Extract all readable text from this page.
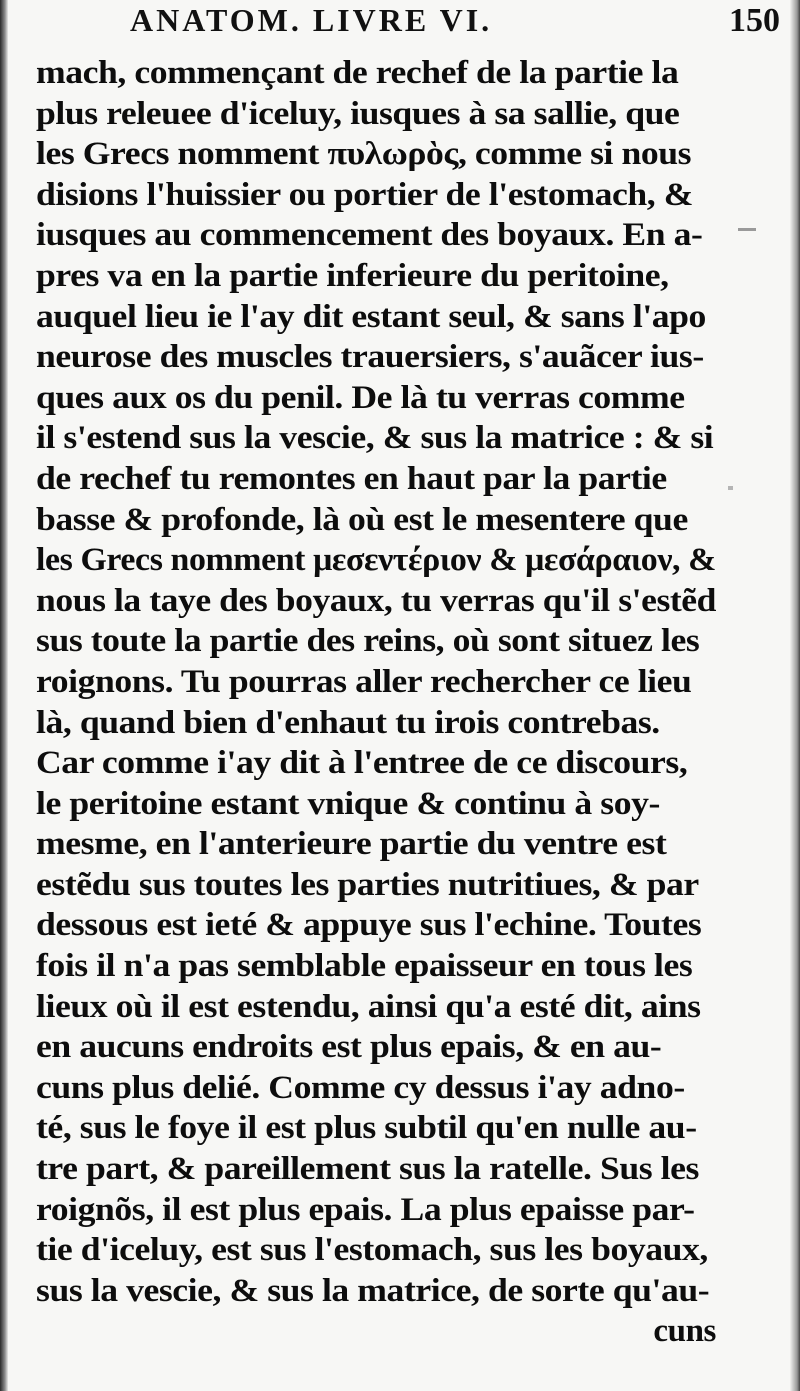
ANATOM. LIVRE VI.	150
mach, commençant de rechef de la partie la
plus releuee d'iceluy, iusques à sa sallie, que
les Grecs nomment πυλωρὸς, comme si nous
disions l'huissier ou portier de l'estomach, &
iusques au commencement des boyaux. En a-
pres va en la partie inferieure du peritoine,
auquel lieu ie l'ay dit estant seul, & sans l'apo
neurose des muscles trauersiers, s'auãcer ius-
ques aux os du penil. De là tu verras comme
il s'estend sus la vescie, & sus la matrice : & si
de rechef tu remontes en haut par la partie
basse & profonde, là où est le mesentere que
les Grecs nomment μεσεντέριον & μεσάραιον, &
nous la taye des boyaux, tu verras qu'il s'estẽd
sus toute la partie des reins, où sont situez les
roignons. Tu pourras aller rechercher ce lieu
là, quand bien d'enhaut tu irois contrebas.
Car comme i'ay dit à l'entree de ce discours,
le peritoine estant vnique & continu à soy-
mesme, en l'anterieure partie du ventre est
estẽdu sus toutes les parties nutritiues, & par
dessous est ieté & appuye sus l'echine. Toutes
fois il n'a pas semblable epaisseur en tous les
lieux où il est estendu, ainsi qu'a esté dit, ains
en aucuns endroits est plus epais, & en au-
cuns plus delié. Comme cy dessus i'ay adno-
té, sus le foye il est plus subtil qu'en nulle au-
tre part, & pareillement sus la ratelle. Sus les
roignõs, il est plus epais. La plus epaisse par-
tie d'iceluy, est sus l'estomach, sus les boyaux,
sus la vescie, & sus la matrice, de sorte qu'au-
cuns
